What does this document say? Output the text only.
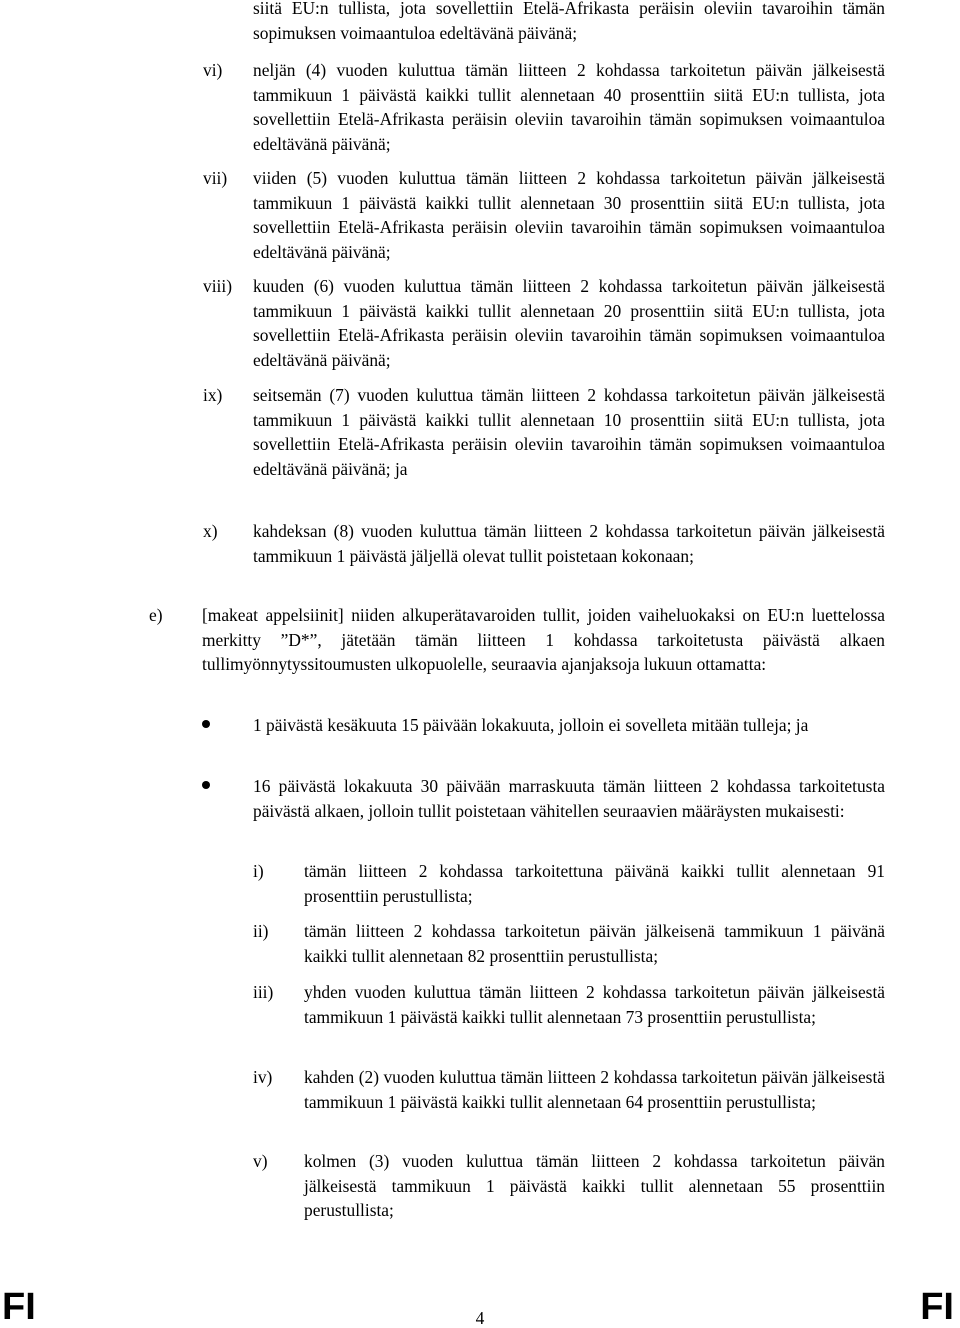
siitä EU:n tullista, jota sovellettiin Etelä-Afrikasta peräisin oleviin tavaroihin tämän sopimuksen voimaantuloa edeltävänä päivänä;
vi) neljän (4) vuoden kuluttua tämän liitteen 2 kohdassa tarkoitetun päivän jälkeisestä tammikuun 1 päivästä kaikki tullit alennetaan 40 prosenttiin siitä EU:n tullista, jota sovellettiin Etelä-Afrikasta peräisin oleviin tavaroihin tämän sopimuksen voimaantuloa edeltävänä päivänä;
vii) viiden (5) vuoden kuluttua tämän liitteen 2 kohdassa tarkoitetun päivän jälkeisestä tammikuun 1 päivästä kaikki tullit alennetaan 30 prosenttiin siitä EU:n tullista, jota sovellettiin Etelä-Afrikasta peräisin oleviin tavaroihin tämän sopimuksen voimaantuloa edeltävänä päivänä;
viii) kuuden (6) vuoden kuluttua tämän liitteen 2 kohdassa tarkoitetun päivän jälkeisestä tammikuun 1 päivästä kaikki tullit alennetaan 20 prosenttiin siitä EU:n tullista, jota sovellettiin Etelä-Afrikasta peräisin oleviin tavaroihin tämän sopimuksen voimaantuloa edeltävänä päivänä;
ix) seitsemän (7) vuoden kuluttua tämän liitteen 2 kohdassa tarkoitetun päivän jälkeisestä tammikuun 1 päivästä kaikki tullit alennetaan 10 prosenttiin siitä EU:n tullista, jota sovellettiin Etelä-Afrikasta peräisin oleviin tavaroihin tämän sopimuksen voimaantuloa edeltävänä päivänä; ja
x) kahdeksan (8) vuoden kuluttua tämän liitteen 2 kohdassa tarkoitetun päivän jälkeisestä tammikuun 1 päivästä jäljellä olevat tullit poistetaan kokonaan;
e) [makeat appelsiinit] niiden alkuperätavaroiden tullit, joiden vaiheluokaksi on EU:n luettelossa merkitty ”D*”, jätetään tämän liitteen 1 kohdassa tarkoitetusta päivästä alkaen tullimyönnytyssitoumusten ulkopuolelle, seuraavia ajanjaksoja lukuun ottamatta:
1 päivästä kesäkuuta 15 päivään lokakuuta, jolloin ei sovelleta mitään tulleja; ja
16 päivästä lokakuuta 30 päivään marraskuuta tämän liitteen 2 kohdassa tarkoitetusta päivästä alkaen, jolloin tullit poistetaan vähitellen seuraavien määräysten mukaisesti:
i) tämän liitteen 2 kohdassa tarkoitettuna päivänä kaikki tullit alennetaan 91 prosenttiin perustullista;
ii) tämän liitteen 2 kohdassa tarkoitetun päivän jälkeisenä tammikuun 1 päivänä kaikki tullit alennetaan 82 prosenttiin perustullista;
iii) yhden vuoden kuluttua tämän liitteen 2 kohdassa tarkoitetun päivän jälkeisestä tammikuun 1 päivästä kaikki tullit alennetaan 73 prosenttiin perustullista;
iv) kahden (2) vuoden kuluttua tämän liitteen 2 kohdassa tarkoitetun päivän jälkeisestä tammikuun 1 päivästä kaikki tullit alennetaan 64 prosenttiin perustullista;
v) kolmen (3) vuoden kuluttua tämän liitteen 2 kohdassa tarkoitetun päivän jälkeisestä tammikuun 1 päivästä kaikki tullit alennetaan 55 prosenttiin perustullista;
FI	4	FI
